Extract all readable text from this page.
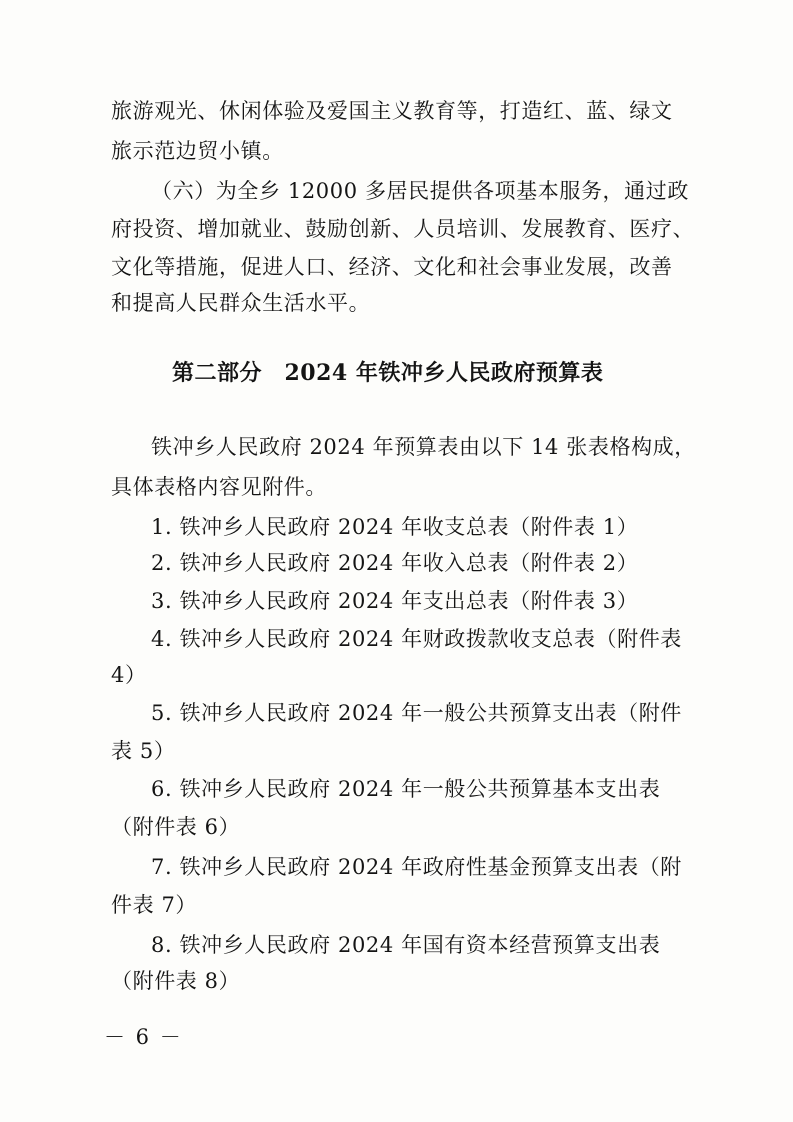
旅游观光、休闲体验及爱国主义教育等，打造红、蓝、绿文
旅示范边贸小镇。
（六）为全乡 12000 多居民提供各项基本服务，通过政
府投资、增加就业、鼓励创新、人员培训、发展教育、医疗、
文化等措施，促进人口、经济、文化和社会事业发展，改善
和提高人民群众生活水平。
第二部分　2024 年铁冲乡人民政府预算表
铁冲乡人民政府 2024 年预算表由以下 14 张表格构成，
具体表格内容见附件。
1. 铁冲乡人民政府 2024 年收支总表（附件表 1）
2. 铁冲乡人民政府 2024 年收入总表（附件表 2）
3. 铁冲乡人民政府 2024 年支出总表（附件表 3）
4. 铁冲乡人民政府 2024 年财政拨款收支总表（附件表
4）
5. 铁冲乡人民政府 2024 年一般公共预算支出表（附件
表 5）
6. 铁冲乡人民政府 2024 年一般公共预算基本支出表
（附件表 6）
7. 铁冲乡人民政府 2024 年政府性基金预算支出表（附
件表 7）
8. 铁冲乡人民政府 2024 年国有资本经营预算支出表
（附件表 8）
－ 6 －
